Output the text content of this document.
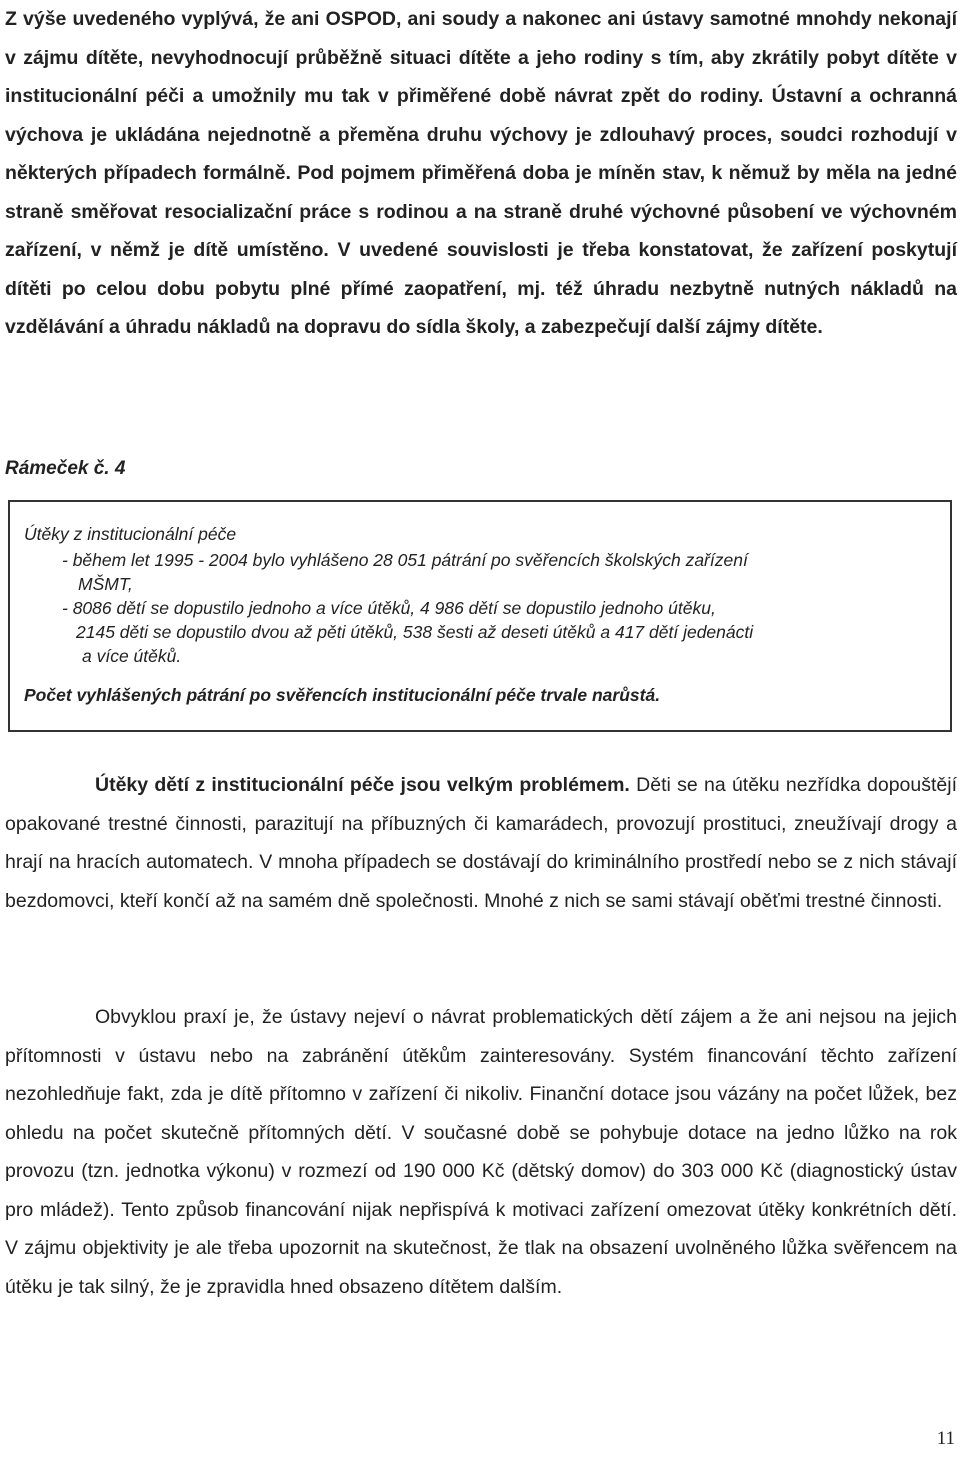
Z výše uvedeného vyplývá, že ani OSPOD, ani soudy a nakonec ani ústavy samotné mnohdy nekonají v zájmu dítěte, nevyhodnocují průběžně situaci dítěte a jeho rodiny s tím, aby zkrátily pobyt dítěte v institucionální péči a umožnily mu tak v přiměřené době návrat zpět do rodiny. Ústavní a ochranná výchova je ukládána nejednotně a přeměna druhu výchovy je zdlouhavý proces, soudci rozhodují v některých případech formálně. Pod pojmem přiměřená doba je míněn stav, k němuž by měla na jedné straně směřovat resocializační práce s rodinou a na straně druhé výchovné působení ve výchovném zařízení, v němž je dítě umístěno. V uvedené souvislosti je třeba konstatovat, že zařízení poskytují dítěti po celou dobu pobytu plné přímé zaopatření, mj. též úhradu nezbytně nutných nákladů na vzdělávání a úhradu nákladů na dopravu do sídla školy, a zabezpečují další zájmy dítěte.

Rámeček č. 4

Útěky z institucionální péče

- během let 1995 - 2004 bylo vyhlášeno 28 051 pátrání po svěřencích školských zařízení

MŠMT,

- 8086 dětí se dopustilo jednoho a více útěků, 4 986 dětí se dopustilo jednoho útěku,

2145 děti se dopustilo dvou až pěti útěků, 538 šesti až deseti útěků a 417 dětí jedenácti

a více útěků.

Počet vyhlášených pátrání po svěřencích institucionální péče trvale narůstá.

Útěky dětí z institucionální péče jsou velkým problémem. Děti se na útěku nezřídka dopouštějí opakované trestné činnosti, parazitují na příbuzných či kamarádech, provozují prostituci, zneužívají drogy a hrají na hracích automatech. V mnoha případech se dostávají do kriminálního prostředí nebo se z nich stávají bezdomovci, kteří končí až na samém dně společnosti. Mnohé z nich se sami stávají oběťmi trestné činnosti.

Obvyklou praxí je, že ústavy nejeví o návrat problematických dětí zájem a že ani nejsou na jejich přítomnosti v ústavu nebo na zabránění útěkům zainteresovány. Systém financování těchto zařízení nezohledňuje fakt, zda je dítě přítomno v zařízení či nikoliv. Finanční dotace jsou vázány na počet lůžek, bez ohledu na počet skutečně přítomných dětí. V současné době se pohybuje dotace na jedno lůžko na rok provozu (tzn. jednotka výkonu) v rozmezí od 190 000 Kč (dětský domov) do 303 000 Kč (diagnostický ústav pro mládež). Tento způsob financování nijak nepřispívá k motivaci zařízení omezovat útěky konkrétních dětí. V zájmu objektivity je ale třeba upozornit na skutečnost, že tlak na obsazení uvolněného lůžka svěřencem na útěku je tak silný, že je zpravidla hned obsazeno dítětem dalším.

11
